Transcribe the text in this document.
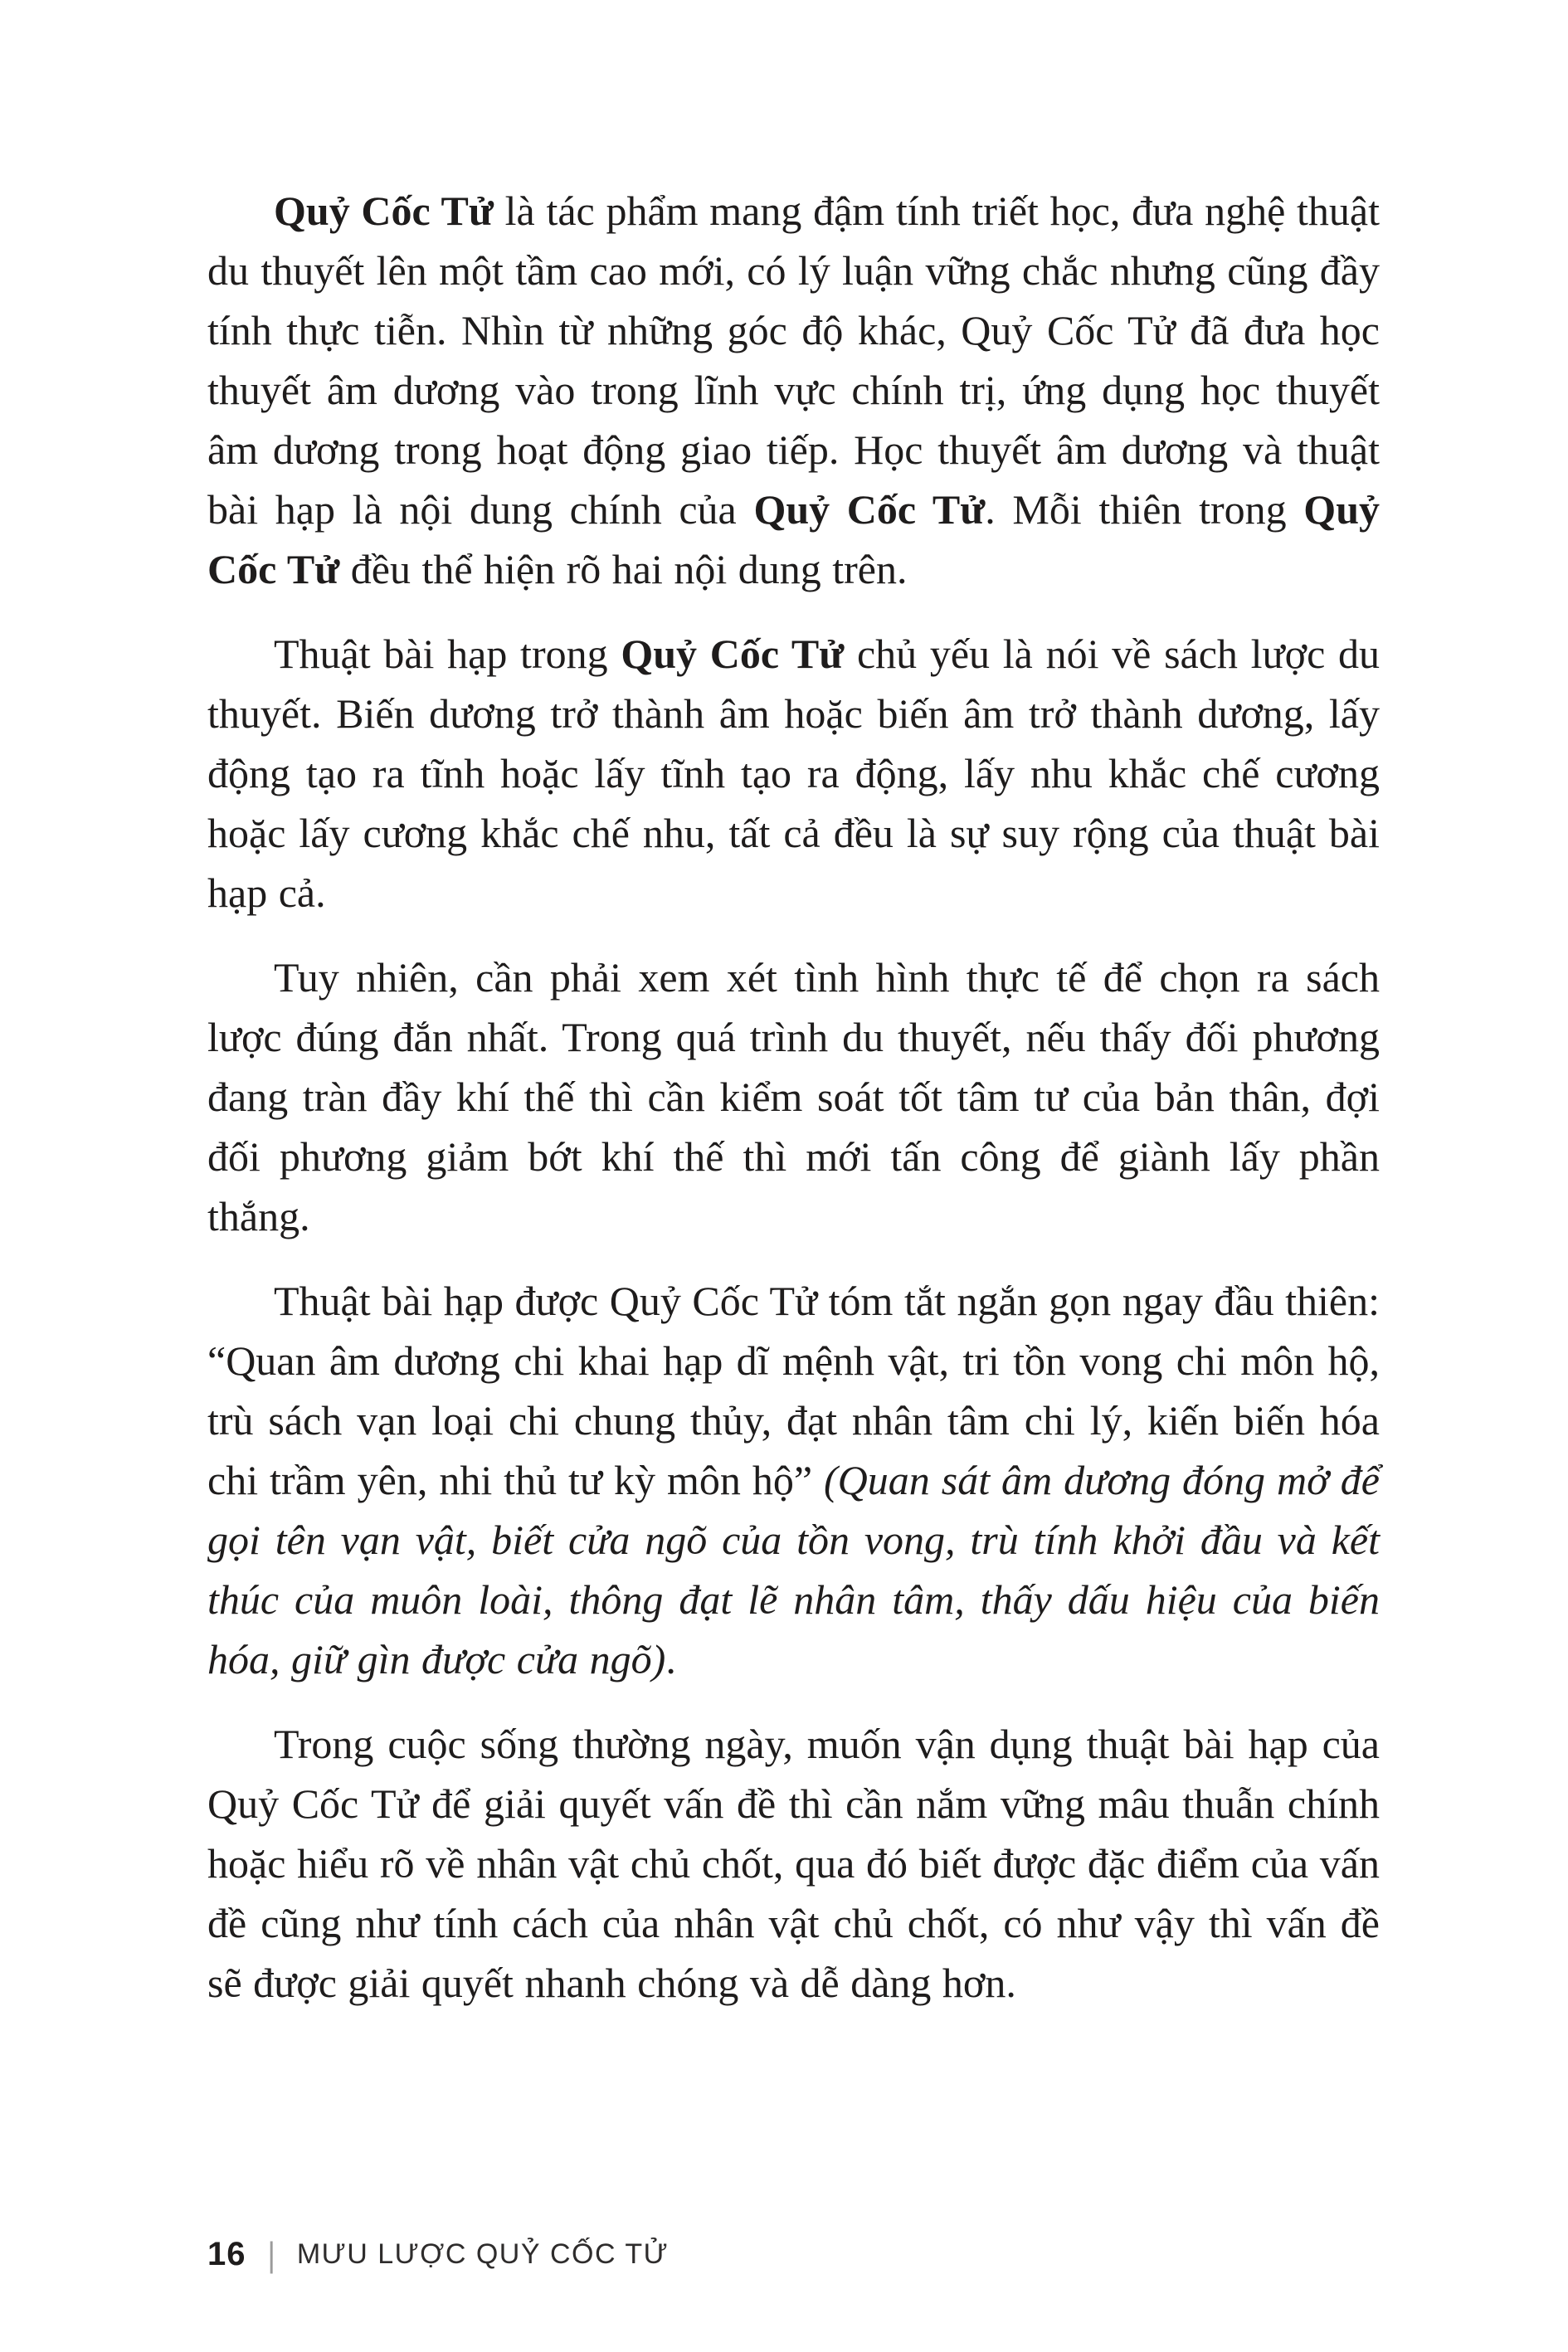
Quỷ Cốc Tử là tác phẩm mang đậm tính triết học, đưa nghệ thuật du thuyết lên một tầm cao mới, có lý luận vững chắc nhưng cũng đầy tính thực tiễn. Nhìn từ những góc độ khác, Quỷ Cốc Tử đã đưa học thuyết âm dương vào trong lĩnh vực chính trị, ứng dụng học thuyết âm dương trong hoạt động giao tiếp. Học thuyết âm dương và thuật bài hạp là nội dung chính của Quỷ Cốc Tử. Mỗi thiên trong Quỷ Cốc Tử đều thể hiện rõ hai nội dung trên.

Thuật bài hạp trong Quỷ Cốc Tử chủ yếu là nói về sách lược du thuyết. Biến dương trở thành âm hoặc biến âm trở thành dương, lấy động tạo ra tĩnh hoặc lấy tĩnh tạo ra động, lấy nhu khắc chế cương hoặc lấy cương khắc chế nhu, tất cả đều là sự suy rộng của thuật bài hạp cả.

Tuy nhiên, cần phải xem xét tình hình thực tế để chọn ra sách lược đúng đắn nhất. Trong quá trình du thuyết, nếu thấy đối phương đang tràn đầy khí thế thì cần kiểm soát tốt tâm tư của bản thân, đợi đối phương giảm bớt khí thế thì mới tấn công để giành lấy phần thắng.

Thuật bài hạp được Quỷ Cốc Tử tóm tắt ngắn gọn ngay đầu thiên: “Quan âm dương chi khai hạp dĩ mệnh vật, tri tồn vong chi môn hộ, trù sách vạn loại chi chung thủy, đạt nhân tâm chi lý, kiến biến hóa chi trầm yên, nhi thủ tư kỳ môn hộ” (Quan sát âm dương đóng mở để gọi tên vạn vật, biết cửa ngõ của tồn vong, trù tính khởi đầu và kết thúc của muôn loài, thông đạt lẽ nhân tâm, thấy dấu hiệu của biến hóa, giữ gìn được cửa ngõ).

Trong cuộc sống thường ngày, muốn vận dụng thuật bài hạp của Quỷ Cốc Tử để giải quyết vấn đề thì cần nắm vững mâu thuẫn chính hoặc hiểu rõ về nhân vật chủ chốt, qua đó biết được đặc điểm của vấn đề cũng như tính cách của nhân vật chủ chốt, có như vậy thì vấn đề sẽ được giải quyết nhanh chóng và dễ dàng hơn.

16 | MƯU LƯỢC QUỶ CỐC TỬ
